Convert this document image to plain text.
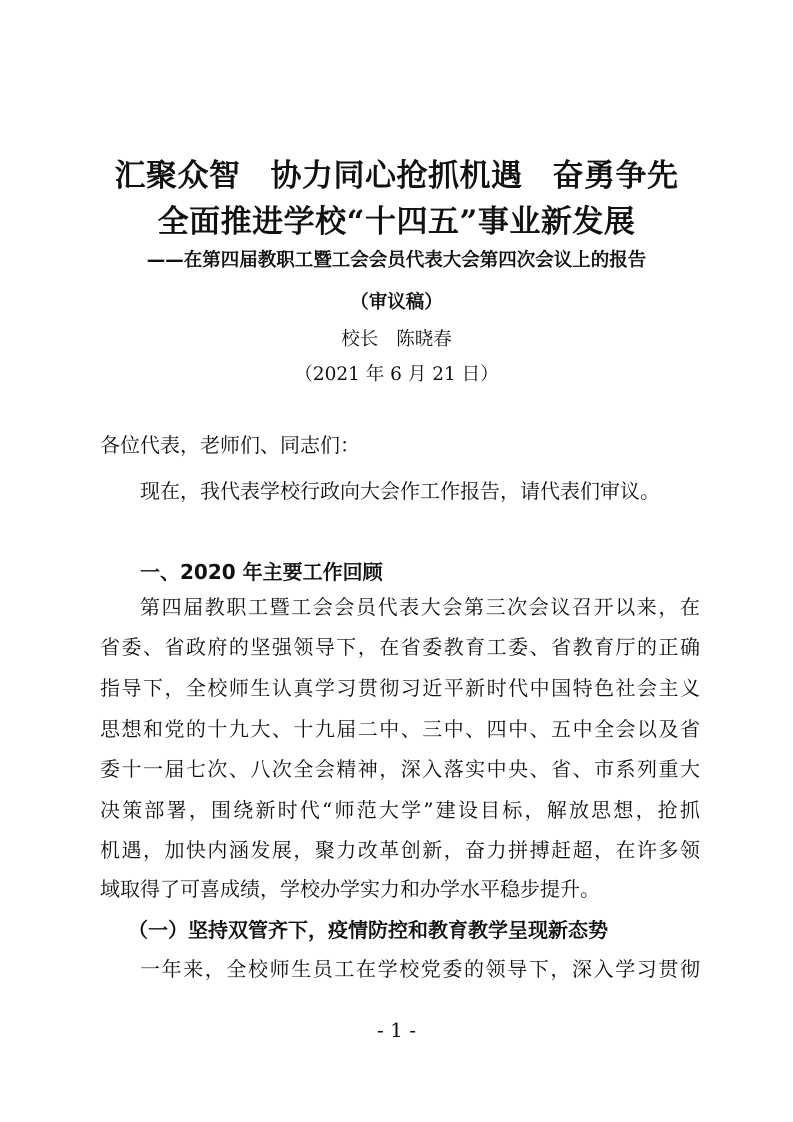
汇聚众智 协力同心抢抓机遇 奋勇争先
全面推进学校“十四五”事业新发展
——在第四届教职工暨工会会员代表大会第四次会议上的报告
（审议稿）
校长 陈晓春
（2021 年 6 月 21 日）
各位代表，老师们、同志们：
现在，我代表学校行政向大会作工作报告，请代表们审议。
一、2020 年主要工作回顾
第四届教职工暨工会会员代表大会第三次会议召开以来，在
省委、省政府的坚强领导下，在省委教育工委、省教育厅的正确
指导下，全校师生认真学习贯彻习近平新时代中国特色社会主义
思想和党的十九大、十九届二中、三中、四中、五中全会以及省
委十一届七次、八次全会精神，深入落实中央、省、市系列重大
决策部署，围绕新时代“师范大学”建设目标，解放思想，抢抓
机遇，加快内涵发展，聚力改革创新，奋力拼搏赶超，在许多领
域取得了可喜成绩，学校办学实力和办学水平稳步提升。
（一）坚持双管齐下，疫情防控和教育教学呈现新态势
一年来，全校师生员工在学校党委的领导下，深入学习贯彻
- 1 -
